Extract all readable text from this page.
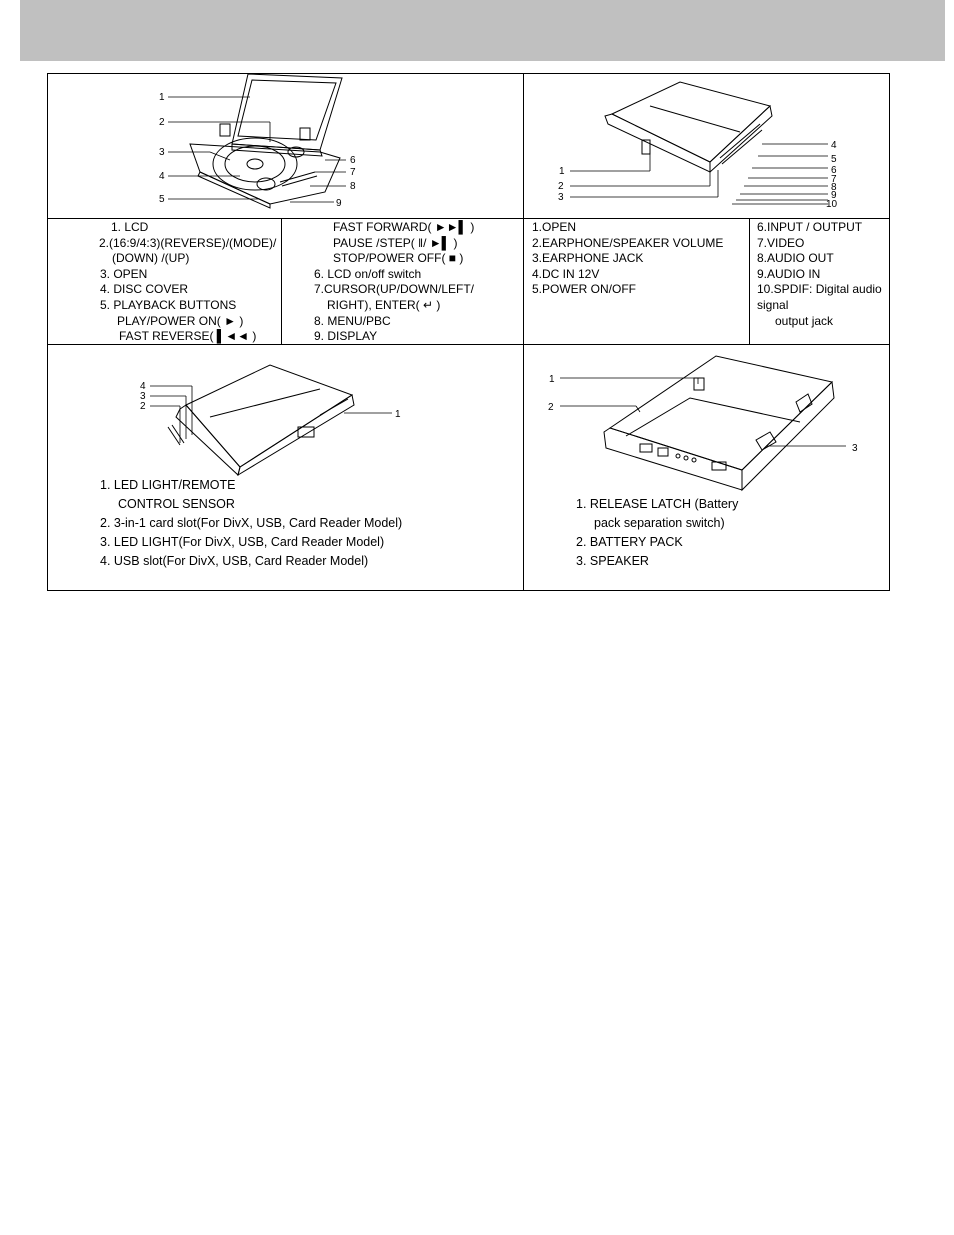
1
2
3
4
5
6
7
8
9
1
2
3
4
5
6
7
8
9
10
1. LCD
2.(16:9/4:3)(REVERSE)/(MODE)/
(DOWN) /(UP)
3. OPEN
4. DISC COVER
5. PLAYBACK BUTTONS
PLAY/POWER ON( ► )
FAST REVERSE( ▌◄◄ )
FAST FORWARD( ►►▌ )
PAUSE /STEP( ‖/ ►▌ )
STOP/POWER OFF( ■ )
6. LCD on/off switch
7.CURSOR(UP/DOWN/LEFT/
RIGHT), ENTER( ↵ )
8. MENU/PBC
9. DISPLAY
1.OPEN
2.EARPHONE/SPEAKER VOLUME
3.EARPHONE JACK
4.DC IN 12V
5.POWER ON/OFF
6.INPUT / OUTPUT
7.VIDEO
8.AUDIO OUT
9.AUDIO IN
10.SPDIF: Digital audio
signal
output jack
4
3
2
1
1
2
3
1. LED LIGHT/REMOTE
CONTROL SENSOR
2. 3-in-1 card slot(For DivX, USB, Card Reader Model)
3. LED LIGHT(For DivX, USB, Card Reader Model)
4. USB slot(For DivX, USB, Card Reader Model)
1. RELEASE LATCH (Battery
pack separation switch)
2. BATTERY PACK
3. SPEAKER
